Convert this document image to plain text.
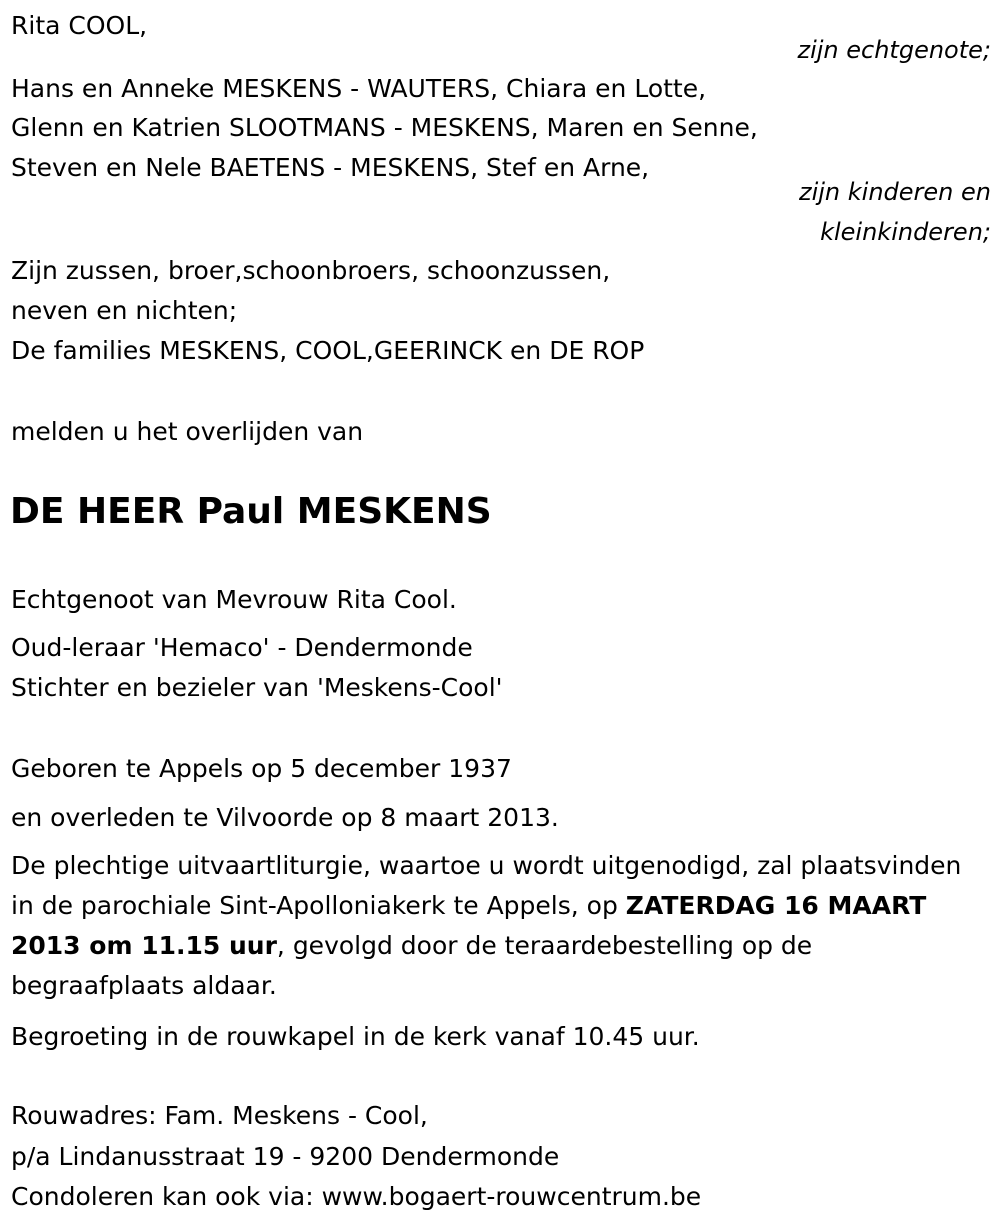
Rita COOL,

zijn echtgenote;

Hans en Anneke MESKENS - WAUTERS, Chiara en Lotte,

Glenn en Katrien SLOOTMANS - MESKENS, Maren en Senne,

Steven en Nele BAETENS - MESKENS, Stef en Arne,

zijn kinderen en

kleinkinderen;

Zijn zussen, broer,schoonbroers, schoonzussen,

neven en nichten;

De families MESKENS, COOL,GEERINCK en DE ROP

melden u het overlijden van

DE HEER Paul MESKENS

Echtgenoot van Mevrouw Rita Cool.

Oud-leraar 'Hemaco' - Dendermonde

Stichter en bezieler van 'Meskens-Cool'

Geboren te Appels op 5 december 1937

en overleden te Vilvoorde op 8 maart 2013.

De plechtige uitvaartliturgie, waartoe u wordt uitgenodigd, zal plaatsvinden in de parochiale Sint-Apolloniakerk te Appels, op ZATERDAG 16 MAART 2013 om 11.15 uur, gevolgd door de teraardebestelling op de begraafplaats aldaar.

Begroeting in de rouwkapel in de kerk vanaf 10.45 uur.

Rouwadres: Fam. Meskens - Cool,

p/a Lindanusstraat 19 - 9200 Dendermonde

Condoleren kan ook via: www.bogaert-rouwcentrum.be
